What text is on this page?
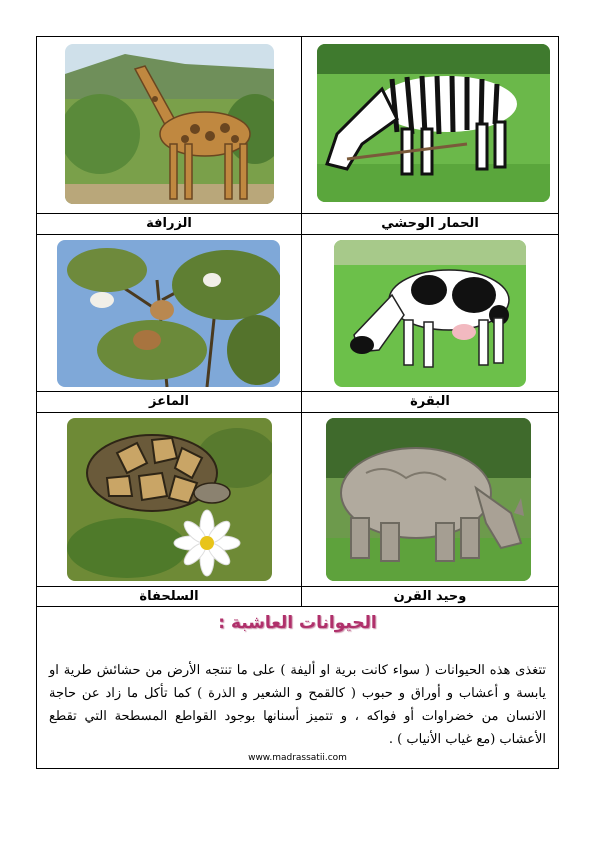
الحمار الوحشي
الزرافة
البقرة
الماعز
وحيد القرن
السلحفاة
الحيوانات العاشبة :
تتغذى هذه الحيوانات ( سواء كانت برية او أليفة ) على ما تنتجه الأرض من حشائش طرية او يابسة و أعشاب و أوراق و حبوب ( كالقمح و الشعير و الذرة ) كما تأكل ما زاد عن حاجة الانسان من خضراوات أو فواكه ، و تتميز أسنانها بوجود القواطع المسطحة التي تقطع الأعشاب (مع غياب الأنياب ) .
www.madrassatii.com
